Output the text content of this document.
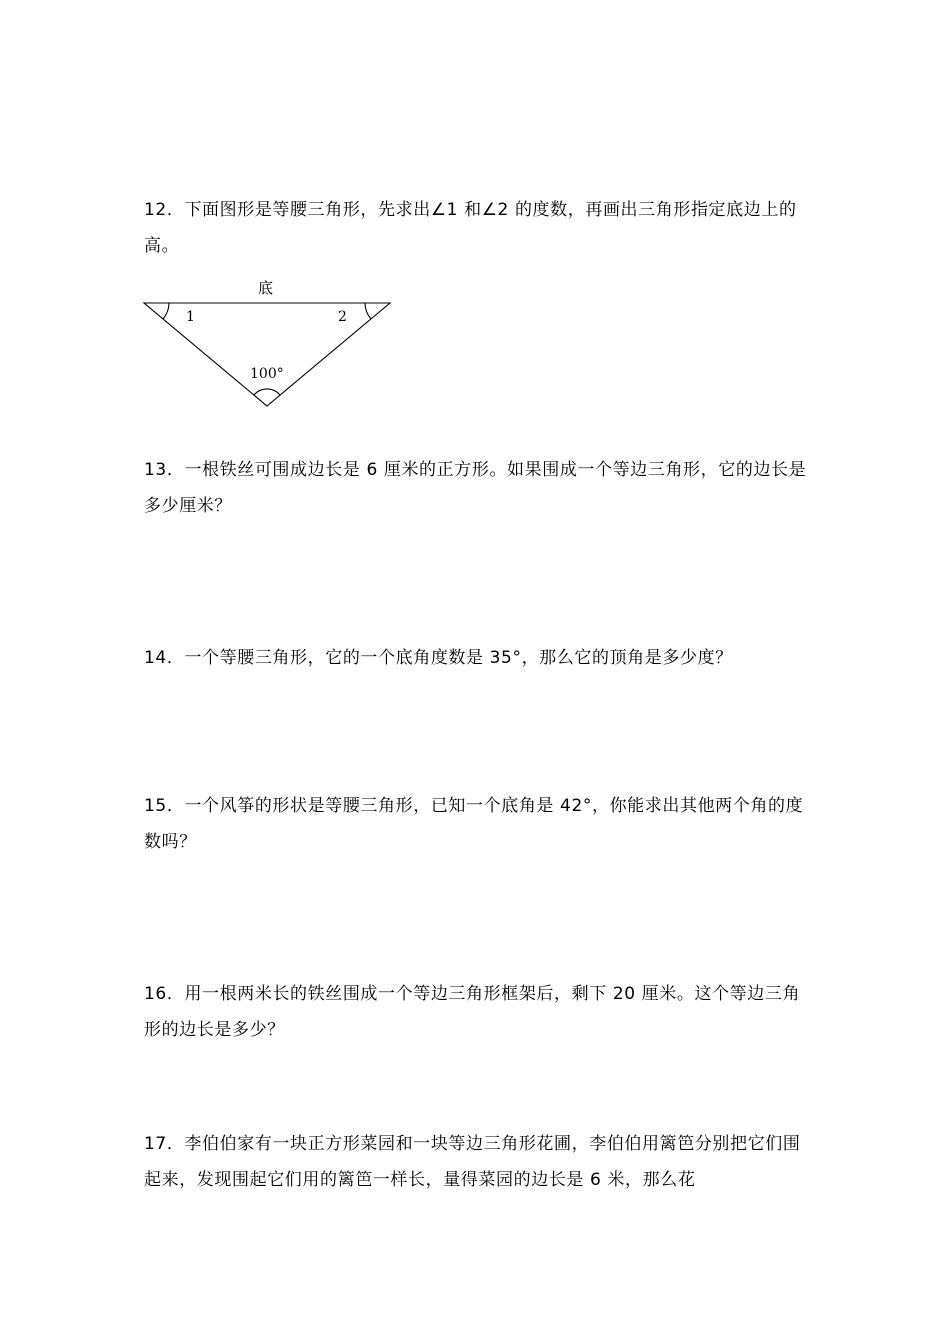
12．下面图形是等腰三角形，先求出∠1 和∠2 的度数，再画出三角形指定底边上的高。
底
1	2
100°
13．一根铁丝可围成边长是 6 厘米的正方形。如果围成一个等边三角形，它的边长是多少厘米？
14．一个等腰三角形，它的一个底角度数是 35°，那么它的顶角是多少度？
15．一个风筝的形状是等腰三角形，已知一个底角是 42°，你能求出其他两个角的度数吗？
16．用一根两米长的铁丝围成一个等边三角形框架后，剩下 20 厘米。这个等边三角形的边长是多少？
17．李伯伯家有一块正方形菜园和一块等边三角形花圃，李伯伯用篱笆分别把它们围起来，发现围起它们用的篱笆一样长，量得菜园的边长是 6 米，那么花
